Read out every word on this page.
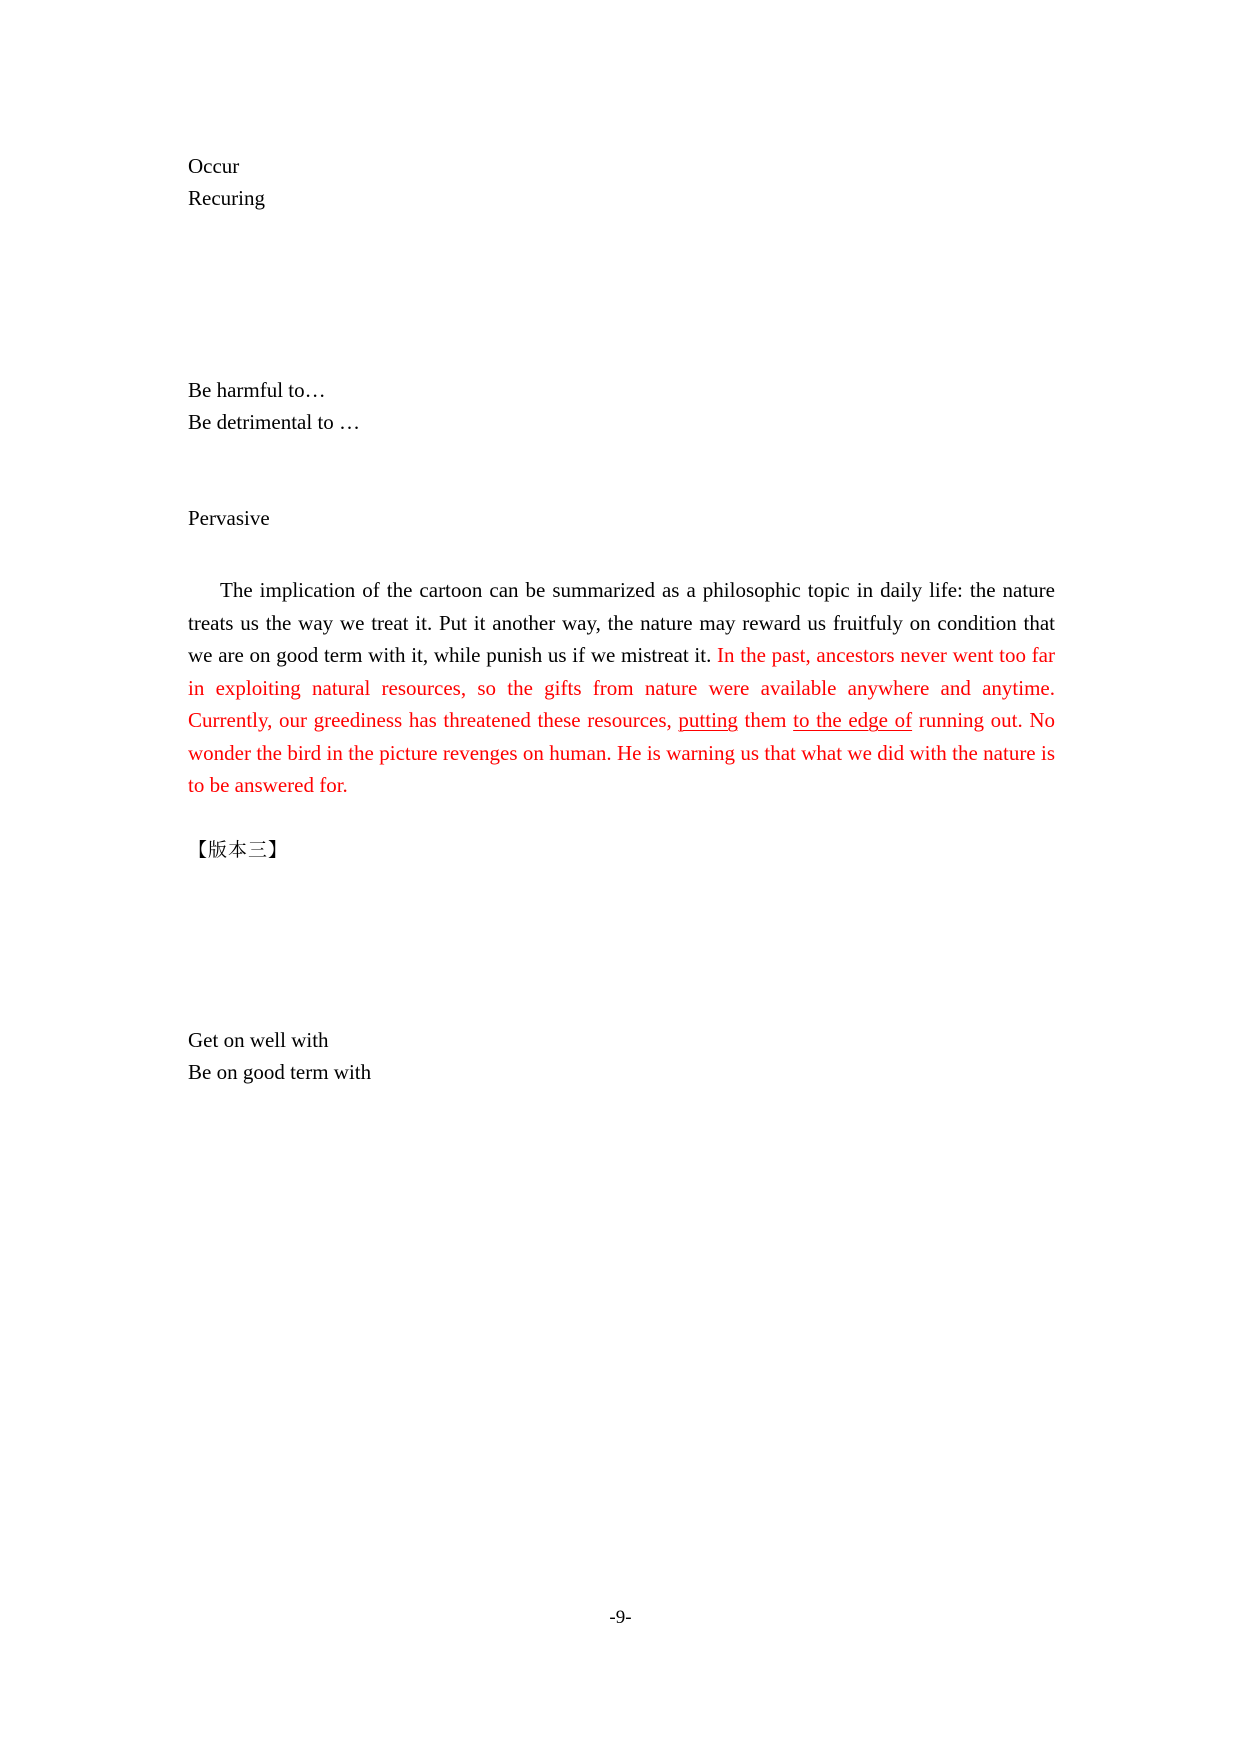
Occur
Recuring
Be harmful to…
Be detrimental to …
Pervasive
The implication of the cartoon can be summarized as a philosophic topic in daily life: the nature treats us the way we treat it. Put it another way, the nature may reward us fruitfuly on condition that we are on good term with it, while punish us if we mistreat it. In the past, ancestors never went too far in exploiting natural resources, so the gifts from nature were available anywhere and anytime. Currently, our greediness has threatened these resources, putting them to the edge of running out. No wonder the bird in the picture revenges on human. He is warning us that what we did with the nature is to be answered for.
【版本三】
Get on well with
Be on good term with
-9-
